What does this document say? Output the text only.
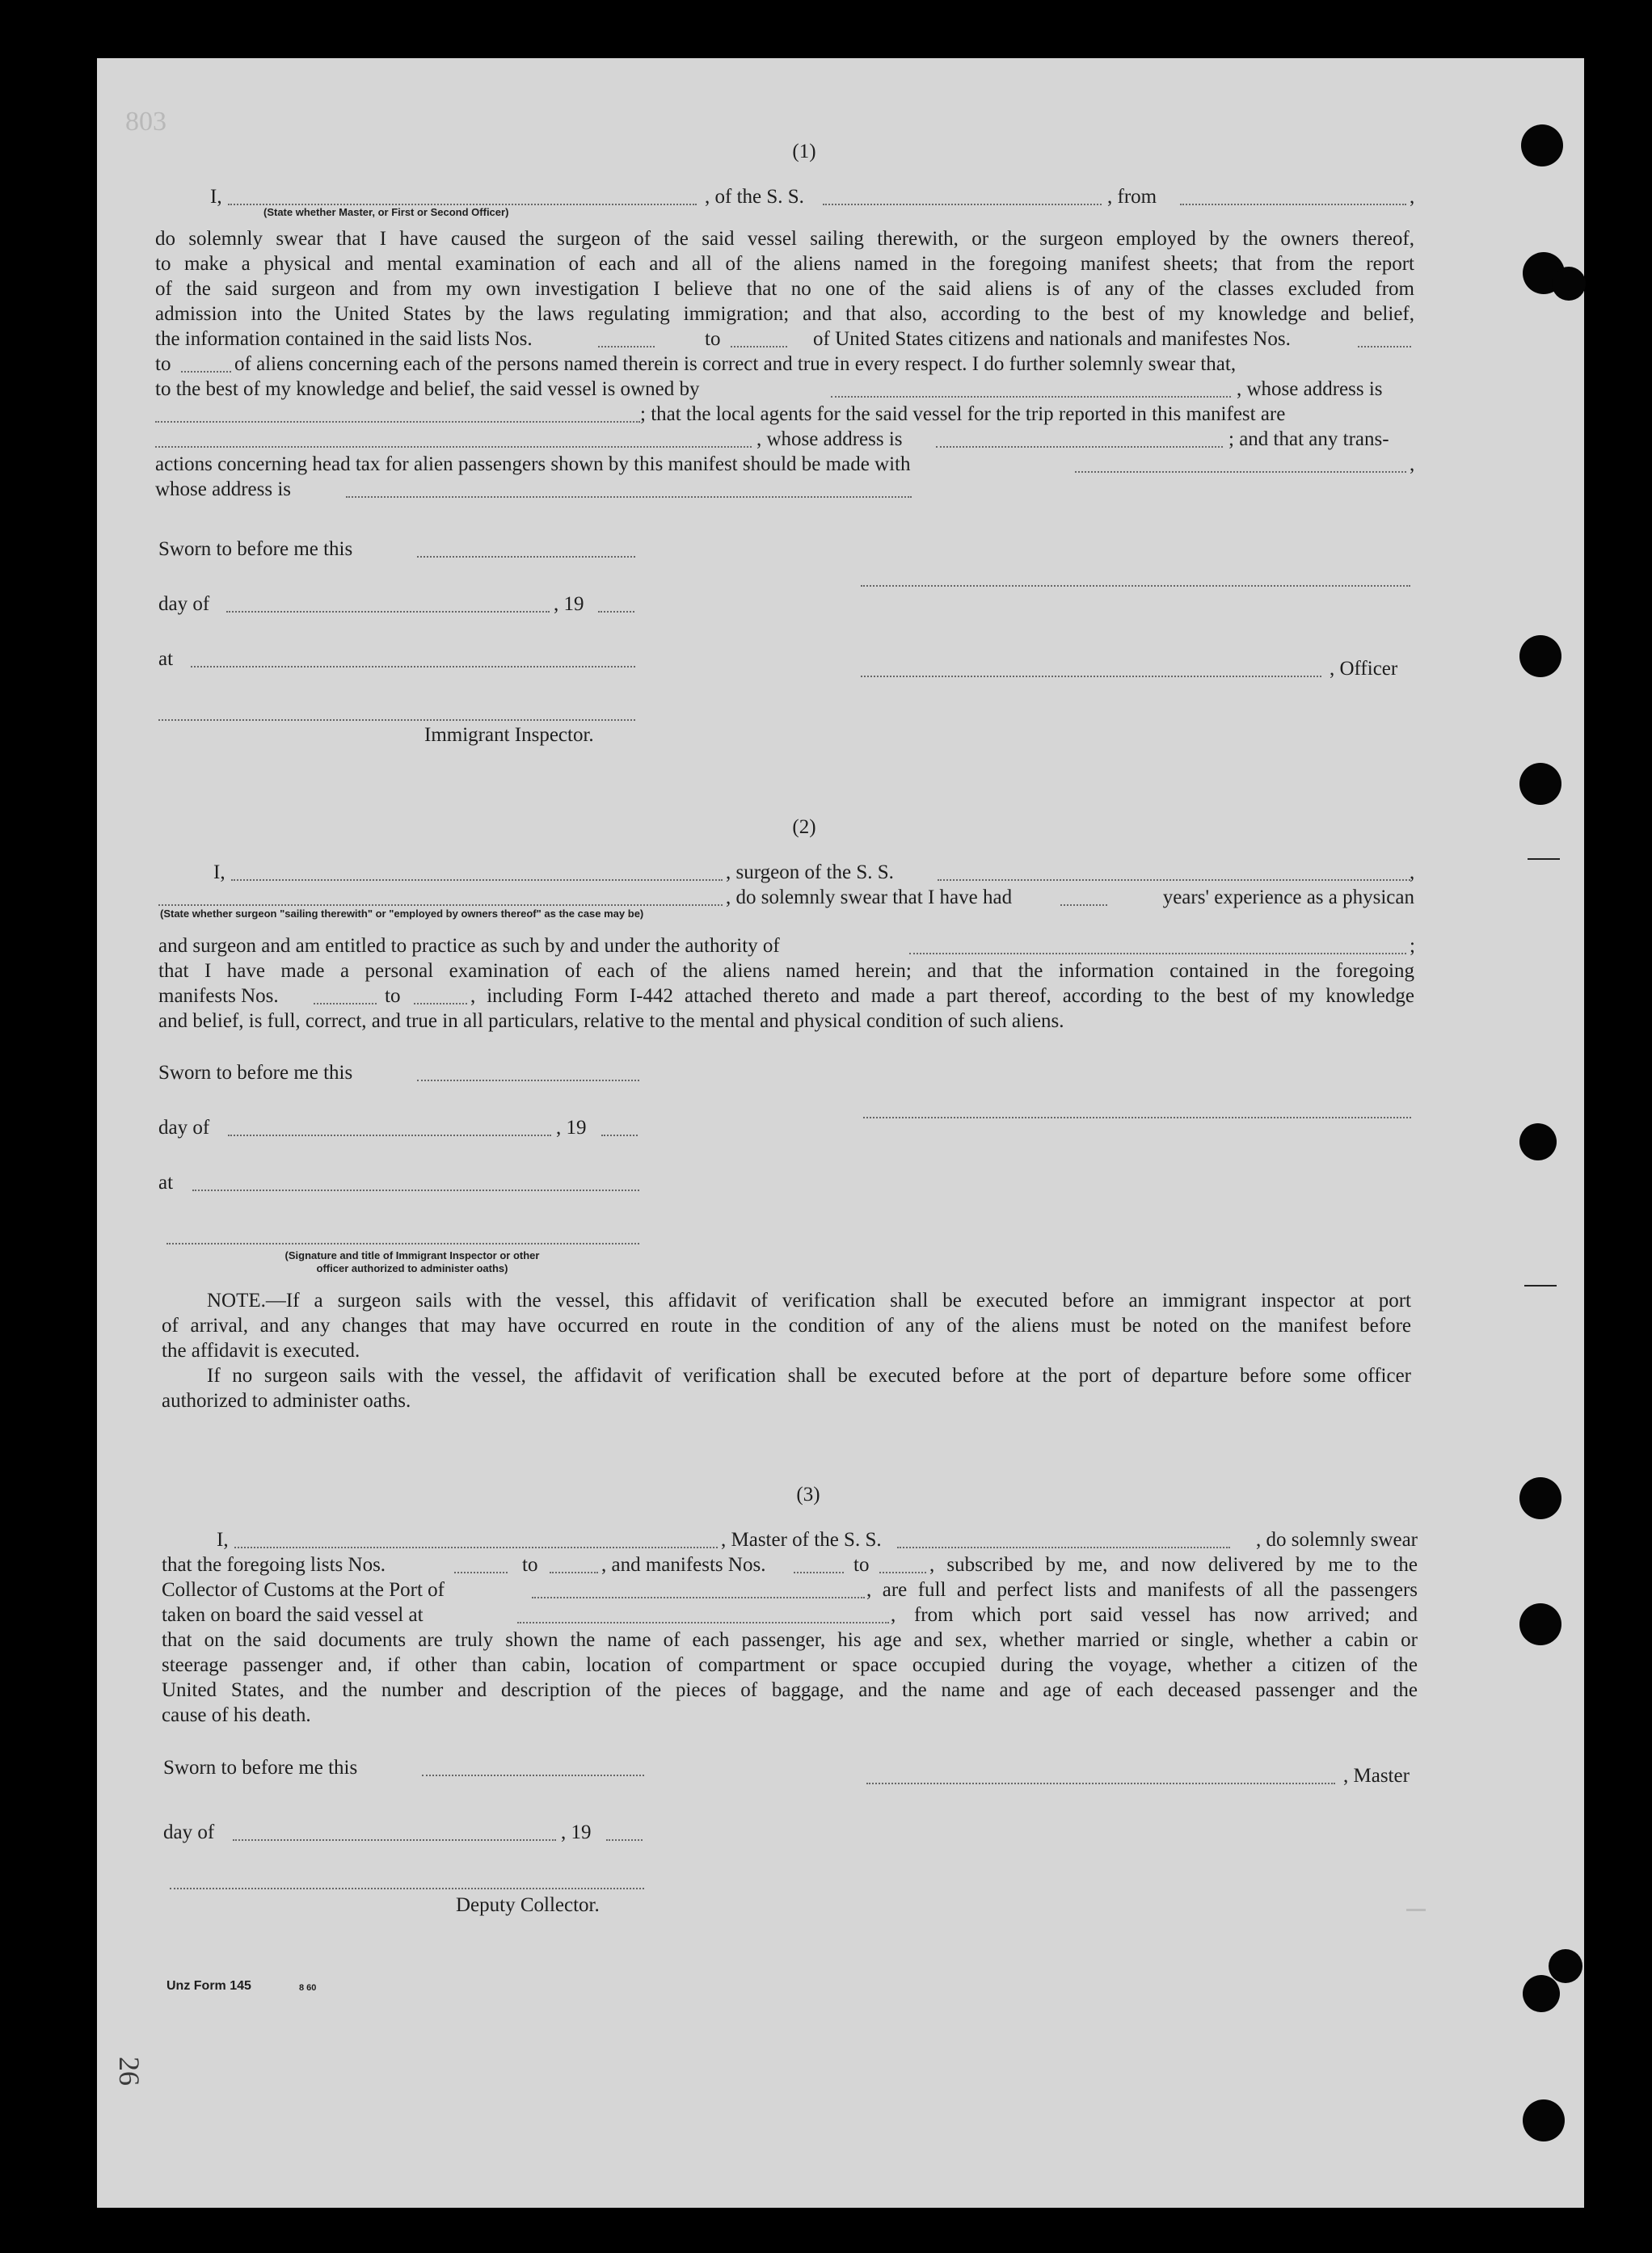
803
26
(1)
I,	, of the S. S.	, from	,
(State whether Master, or First or Second Officer)
do solemnly swear that I have caused the surgeon of the said vessel sailing therewith, or the surgeon employed by the owners thereof,
to make a physical and mental examination of each and all of the aliens named in the foregoing manifest sheets; that from the report
of the said surgeon and from my own investigation I believe that no one of the said aliens is of any of the classes excluded from
admission into the United States by the laws regulating immigration; and that also, according to the best of my knowledge and belief,
the information contained in the said lists Nos.	to	of United States citizens and nationals and manifestes Nos.
to	of aliens concerning each of the persons named therein is correct and true in every respect. I do further solemnly swear that,
to the best of my knowledge and belief, the said vessel is owned by	, whose address is
; that the local agents for the said vessel for the trip reported in this manifest are
, whose address is	; and that any trans-
actions concerning head tax for alien passengers shown by this manifest should be made with	,
whose address is
Sworn to before me this
day of	, 19
at	, Officer
Immigrant Inspector.
(2)
I,	, surgeon of the S. S.	,
, do solemnly swear that I have had	years' experience as a physican
(State whether surgeon "sailing therewith" or "employed by owners thereof" as the case may be)
and surgeon and am entitled to practice as such by and under the authority of	;
that I have made a personal examination of each of the aliens named herein; and that the information contained in the foregoing
manifests Nos.	to	, including Form I-442 attached thereto and made a part thereof, according to the best of my knowledge
and belief, is full, correct, and true in all particulars, relative to the mental and physical condition of such aliens.
Sworn to before me this
day of	, 19
at
(Signature and title of Immigrant Inspector or other
officer authorized to administer oaths)
NOTE.—If a surgeon sails with the vessel, this affidavit of verification shall be executed before an immigrant inspector at port
of arrival, and any changes that may have occurred en route in the condition of any of the aliens must be noted on the manifest before
the affidavit is executed.
If no surgeon sails with the vessel, the affidavit of verification shall be executed before at the port of departure before some officer
authorized to administer oaths.
(3)
I,	, Master of the S. S.	, do solemnly swear
that the foregoing lists Nos.	to	, and manifests Nos.	to	, subscribed by me, and now delivered by me to the
Collector of Customs at the Port of	, are full and perfect lists and manifests of all the passengers
taken on board the said vessel at	, from which port said vessel has now arrived; and
that on the said documents are truly shown the name of each passenger, his age and sex, whether married or single, whether a cabin or
steerage passenger and, if other than cabin, location of compartment or space occupied during the voyage, whether a citizen of the
United States, and the number and description of the pieces of baggage, and the name and age of each deceased passenger and the
cause of his death.
Sworn to before me this	, Master
day of	, 19
Deputy Collector.
Unz Form 145	8 60
